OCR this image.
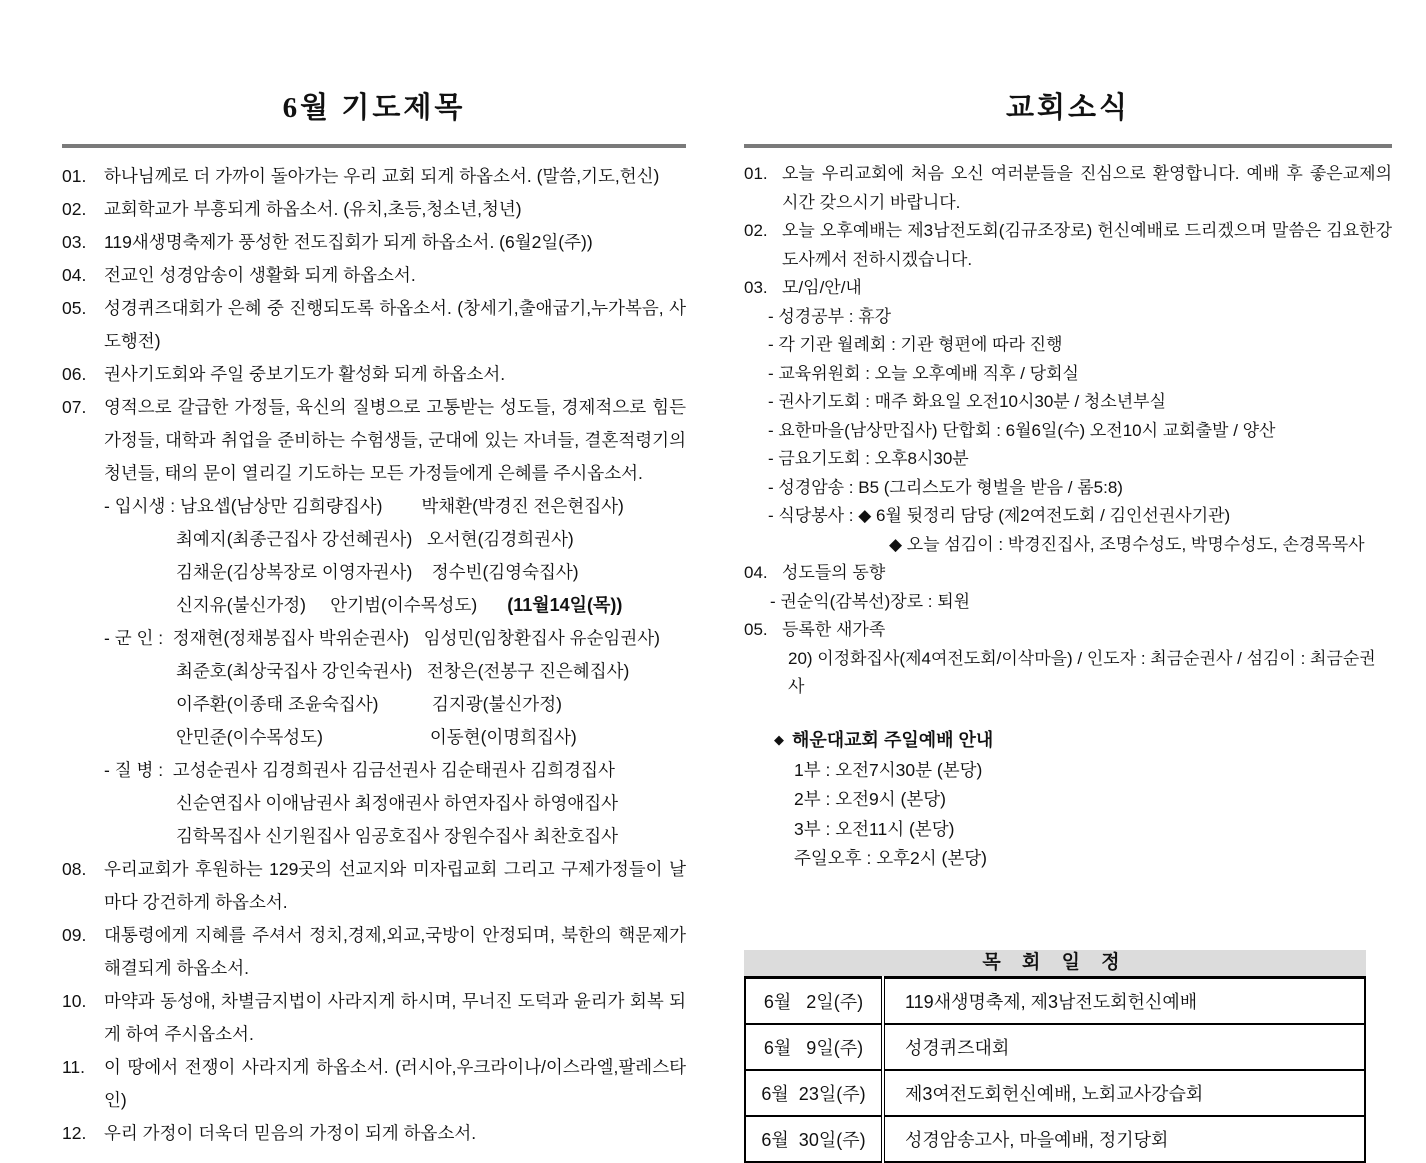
6월 기도제목
01.	하나님께로 더 가까이 돌아가는 우리 교회 되게 하옵소서. (말씀,기도,헌신)
02.	교회학교가 부흥되게 하옵소서. (유치,초등,청소년,청년)
03.	119새생명축제가 풍성한 전도집회가 되게 하옵소서. (6월2일(주))
04.	전교인 성경암송이 생활화 되게 하옵소서.
05.	성경퀴즈대회가 은혜 중 진행되도록 하옵소서. (창세기,출애굽기,누가복음, 사도행전)
06.	권사기도회와 주일 중보기도가 활성화 되게 하옵소서.
07.	영적으로 갈급한 가정들, 육신의 질병으로 고통받는 성도들, 경제적으로 힘든 가정들, 대학과 취업을 준비하는 수험생들, 군대에 있는 자녀들, 결혼적령기의 청년들, 태의 문이 열리길 기도하는 모든 가정들에게 은혜를 주시옵소서.
- 입시생 : 남요셉(남상만 김희량집사)        박채환(박경진 전은현집사)
최예지(최종근집사 강선혜권사)   오서현(김경희권사)
김채운(김상복장로 이영자권사)    정수빈(김영숙집사)
신지유(불신가정)     안기범(이수목성도) (11월14일(목))
- 군 인 :  정재현(정채봉집사 박위순권사)   임성민(임창환집사 유순임권사)
최준호(최상국집사 강인숙권사)   전창은(전봉구 진은혜집사)
이주환(이종태 조윤숙집사)           김지광(불신가정)
안민준(이수목성도)                      이동현(이명희집사)
- 질 병 :  고성순권사 김경희권사 김금선권사 김순태권사 김희경집사
신순연집사 이애남권사 최정애권사 하연자집사 하영애집사
김학목집사 신기원집사 임공호집사 장원수집사 최찬호집사
08.	우리교회가 후원하는 129곳의 선교지와 미자립교회 그리고 구제가정들이 날마다 강건하게 하옵소서.
09.	대통령에게 지혜를 주셔서 정치,경제,외교,국방이 안정되며, 북한의 핵문제가 해결되게 하옵소서.
10.	마약과 동성애, 차별금지법이 사라지게 하시며, 무너진 도덕과 윤리가 회복 되게 하여 주시옵소서.
11.	이 땅에서 전쟁이 사라지게 하옵소서. (러시아,우크라이나/이스라엘,팔레스타인)
12.	우리 가정이 더욱더 믿음의 가정이 되게 하옵소서.
교회소식
01. 오늘 우리교회에 처음 오신 여러분들을 진심으로 환영합니다. 예배 후 좋은교제의 시간 갖으시기 바랍니다.
02. 오늘 오후예배는 제3남전도회(김규조장로) 헌신예배로 드리겠으며 말씀은 김요한강도사께서 전하시겠습니다.
03. 모/임/안/내
- 성경공부 : 휴강
- 각 기관 월례회 : 기관 형편에 따라 진행
- 교육위원회 : 오늘 오후예배 직후 / 당회실
- 권사기도회 : 매주 화요일 오전10시30분 / 청소년부실
- 요한마을(남상만집사) 단합회 : 6월6일(수) 오전10시 교회출발 / 양산
- 금요기도회 : 오후8시30분
- 성경암송 : B5 (그리스도가 형벌을 받음 / 롬5:8)
- 식당봉사 : ◆ 6월 뒷정리 담당 (제2여전도회 / 김인선권사기관)
◆ 오늘 섬김이 : 박경진집사, 조명수성도, 박명수성도, 손경목목사
04. 성도들의 동향
- 권순익(감복선)장로 : 퇴원
05. 등록한 새가족
20) 이정화집사(제4여전도회/이삭마을) / 인도자 : 최금순권사 / 섬김이 : 최금순권사
◆ 해운대교회 주일예배 안내
1부 : 오전7시30분 (본당)
2부 : 오전9시 (본당)
3부 : 오전11시 (본당)
주일오후 : 오후2시 (본당)
목 회 일 정
6월   2일(주)	119새생명축제, 제3남전도회헌신예배
6월   9일(주)	성경퀴즈대회
6월  23일(주)	제3여전도회헌신예배, 노회교사강습회
6월  30일(주)	성경암송고사, 마을예배, 정기당회
